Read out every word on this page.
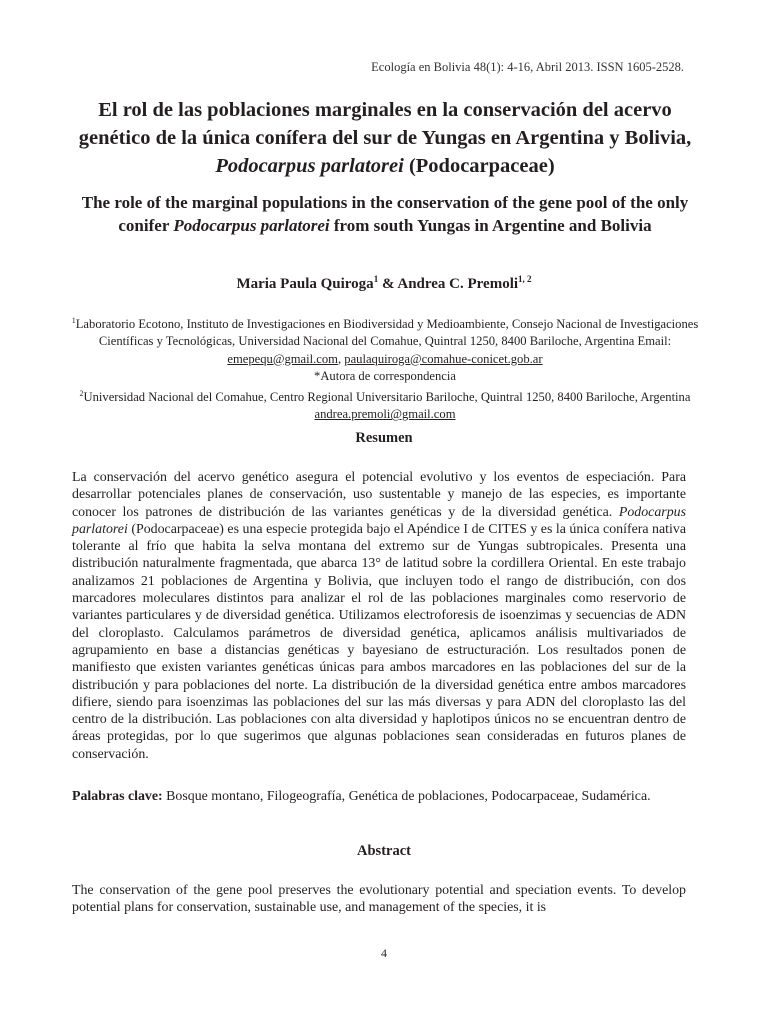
Ecología en Bolivia 48(1): 4-16, Abril 2013. ISSN 1605-2528.
El rol de las poblaciones marginales en la conservación del acervo genético de la única conífera del sur de Yungas en Argentina y Bolivia, Podocarpus parlatorei (Podocarpaceae)
The role of the marginal populations in the conservation of the gene pool of the only conifer Podocarpus parlatorei from south Yungas in Argentine and Bolivia
Maria Paula Quiroga$^1$ & Andrea C. Premoli$^{1, 2}$
$^1$Laboratorio Ecotono, Instituto de Investigaciones en Biodiversidad y Medioambiente, Consejo Nacional de Investigaciones Científicas y Tecnológicas, Universidad Nacional del Comahue, Quintral 1250, 8400 Bariloche, Argentina Email: emepequ@gmail.com, paulaquiroga@comahue-conicet.gob.ar
*Autora de correspondencia
$^2$Universidad Nacional del Comahue, Centro Regional Universitario Bariloche, Quintral 1250, 8400 Bariloche, Argentina andrea.premoli@gmail.com
Resumen
La conservación del acervo genético asegura el potencial evolutivo y los eventos de especiación. Para desarrollar potenciales planes de conservación, uso sustentable y manejo de las especies, es importante conocer los patrones de distribución de las variantes genéticas y de la diversidad genética. Podocarpus parlatorei (Podocarpaceae) es una especie protegida bajo el Apéndice I de CITES y es la única conífera nativa tolerante al frío que habita la selva montana del extremo sur de Yungas subtropicales. Presenta una distribución naturalmente fragmentada, que abarca 13° de latitud sobre la cordillera Oriental. En este trabajo analizamos 21 poblaciones de Argentina y Bolivia, que incluyen todo el rango de distribución, con dos marcadores moleculares distintos para analizar el rol de las poblaciones marginales como reservorio de variantes particulares y de diversidad genética. Utilizamos electroforesis de isoenzimas y secuencias de ADN del cloroplasto. Calculamos parámetros de diversidad genética, aplicamos análisis multivariados de agrupamiento en base a distancias genéticas y bayesiano de estructuración. Los resultados ponen de manifiesto que existen variantes genéticas únicas para ambos marcadores en las poblaciones del sur de la distribución y para poblaciones del norte. La distribución de la diversidad genética entre ambos marcadores difiere, siendo para isoenzimas las poblaciones del sur las más diversas y para ADN del cloroplasto las del centro de la distribución. Las poblaciones con alta diversidad y haplotipos únicos no se encuentran dentro de áreas protegidas, por lo que sugerimos que algunas poblaciones sean consideradas en futuros planes de conservación.
Palabras clave: Bosque montano, Filogeografía, Genética de poblaciones, Podocarpaceae, Sudamérica.
Abstract
The conservation of the gene pool preserves the evolutionary potential and speciation events. To develop potential plans for conservation, sustainable use, and management of the species, it is
4
